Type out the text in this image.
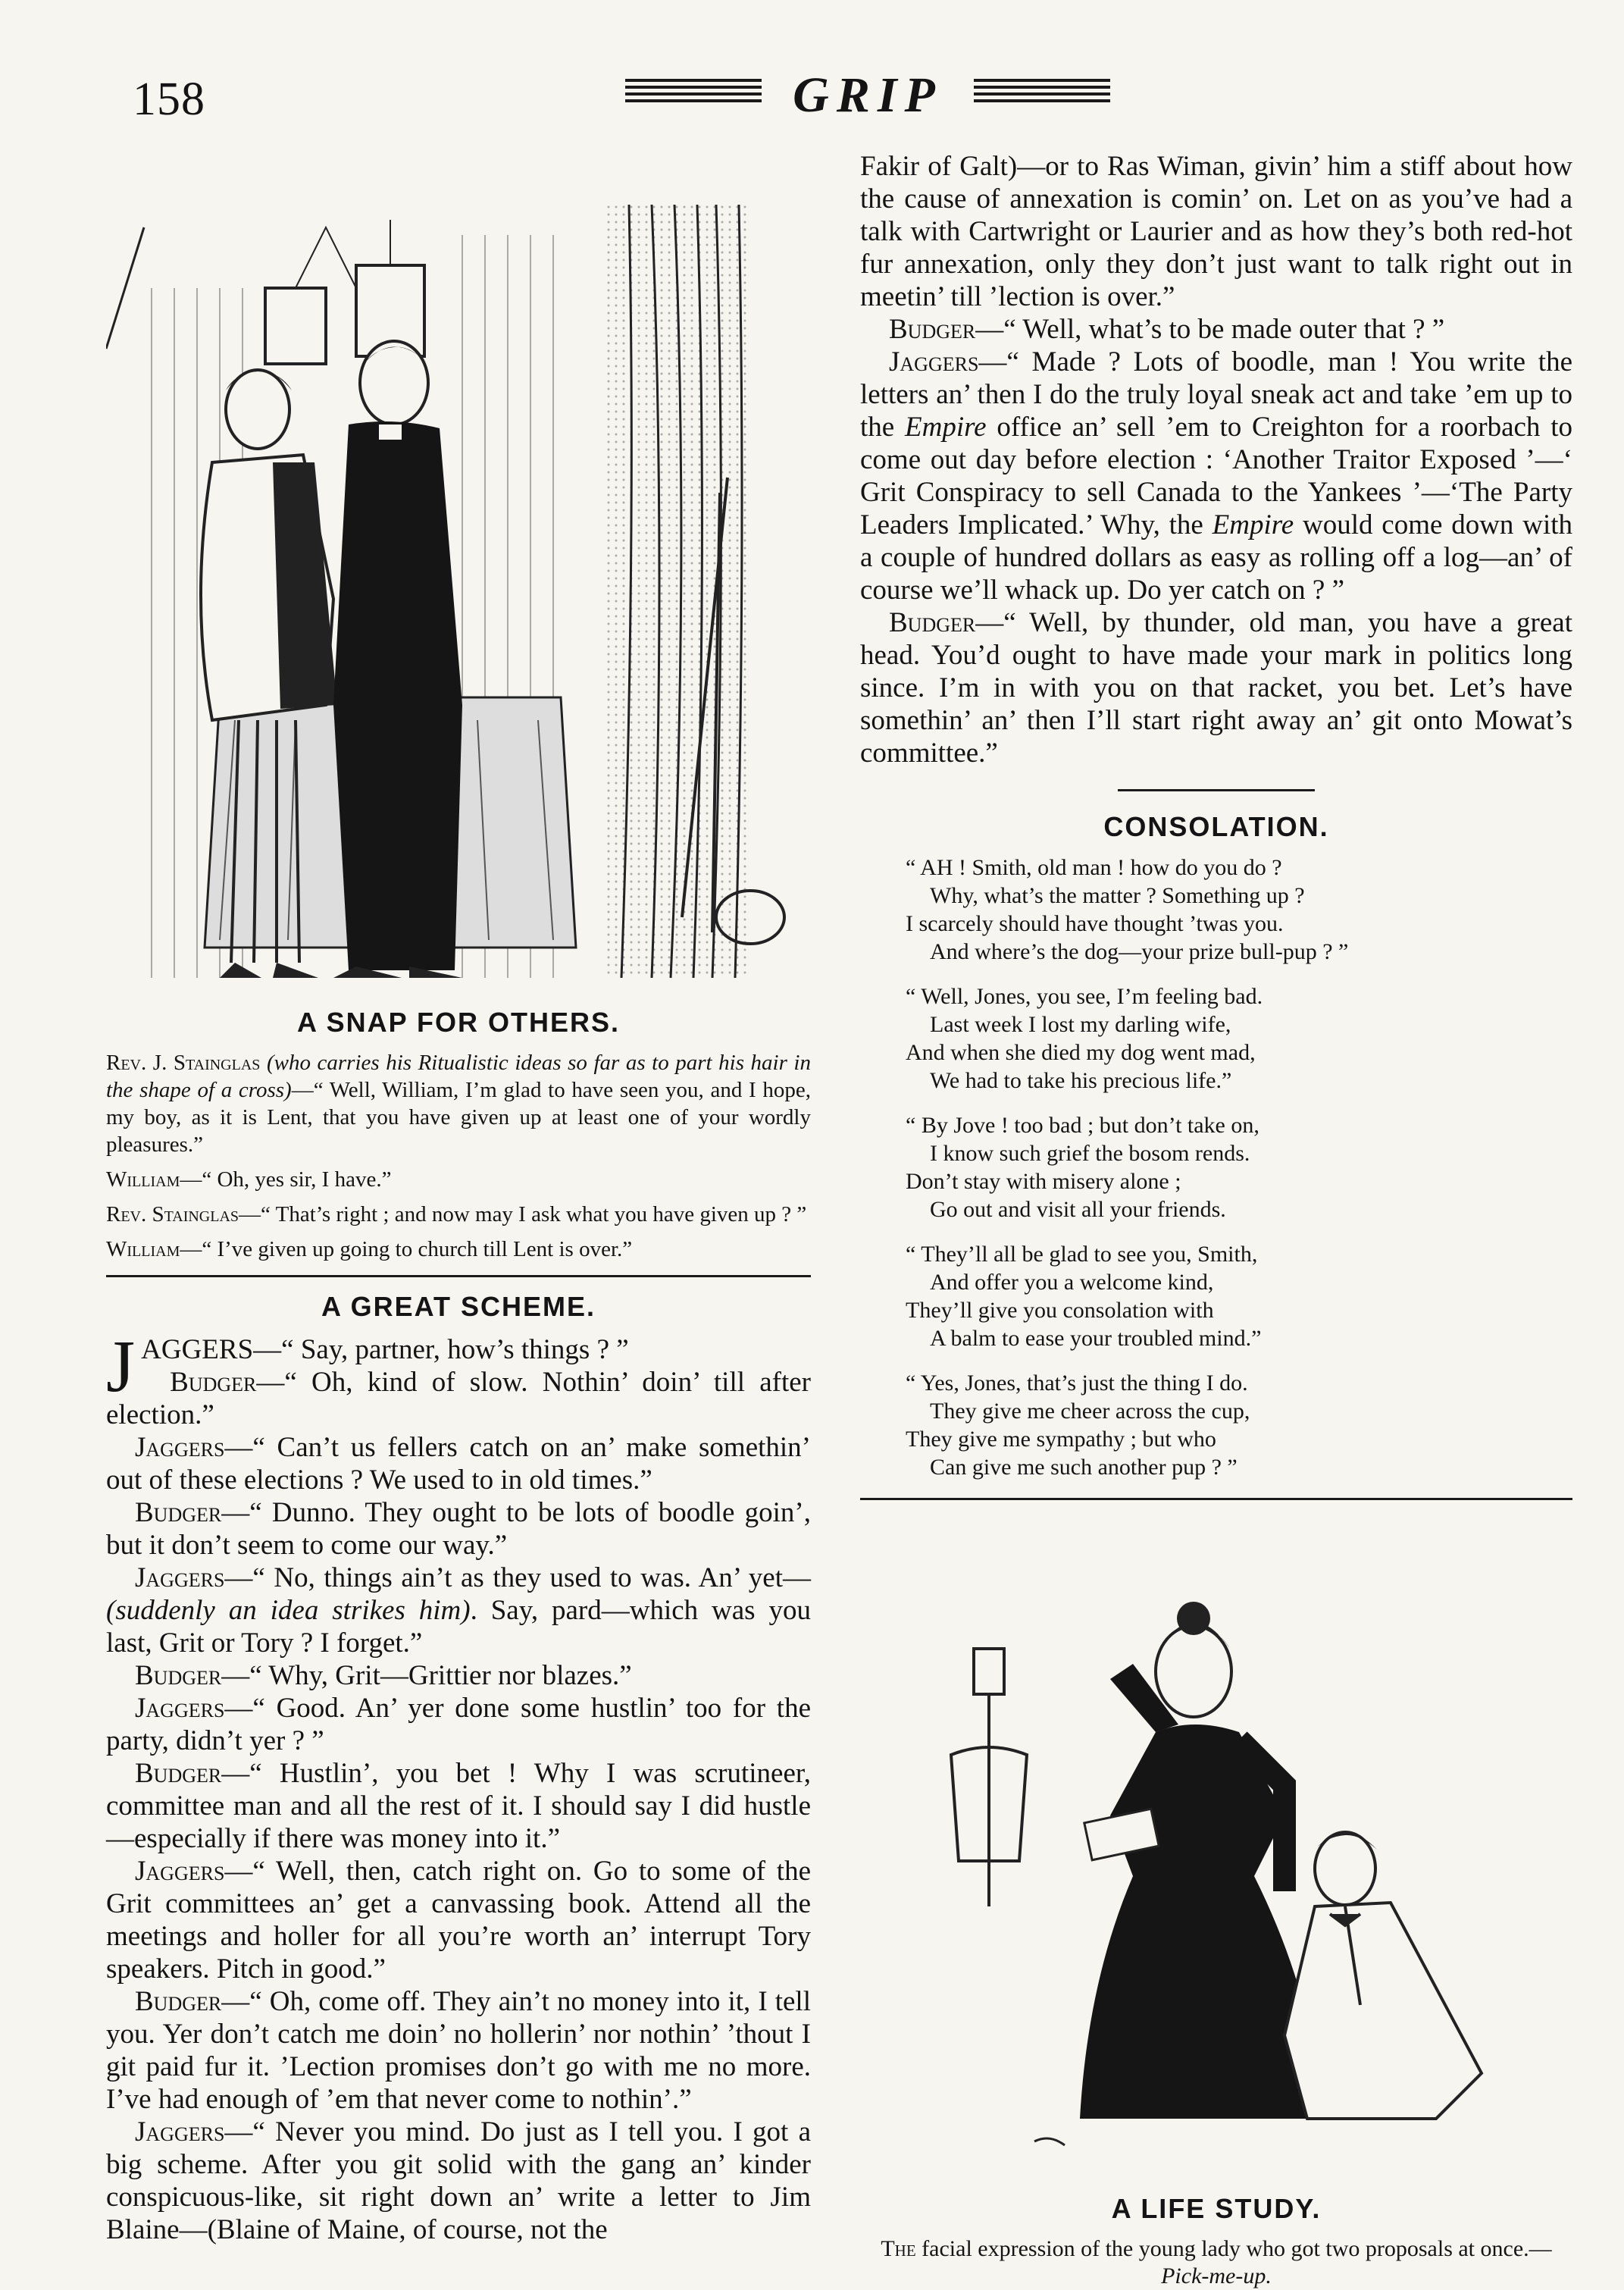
158	GRIP
A SNAP FOR OTHERS.

Rev. J. Stainglas (who carries his Ritualistic ideas so far as to part his hair in the shape of a cross)—“ Well, William, I’m glad to have seen you, and I hope, my boy, as it is Lent, that you have given up at least one of your wordly pleasures.”

William—“ Oh, yes sir, I have.”

Rev. Stainglas—“ That’s right ; and now may I ask what you have given up ? ”

William—“ I’ve given up going to church till Lent is over.”

A GREAT SCHEME.

JAGGERS—“ Say, partner, how’s things ? ”

Budger—“ Oh, kind of slow. Nothin’ doin’ till after election.”

Jaggers—“ Can’t us fellers catch on an’ make somethin’ out of these elections ? We used to in old times.”

Budger—“ Dunno. They ought to be lots of boodle goin’, but it don’t seem to come our way.”

Jaggers—“ No, things ain’t as they used to was. An’ yet—(suddenly an idea strikes him). Say, pard—which was you last, Grit or Tory ? I forget.”

Budger—“ Why, Grit—Grittier nor blazes.”

Jaggers—“ Good. An’ yer done some hustlin’ too for the party, didn’t yer ? ”

Budger—“ Hustlin’, you bet ! Why I was scrutineer, committee man and all the rest of it. I should say I did hustle—especially if there was money into it.”

Jaggers—“ Well, then, catch right on. Go to some of the Grit committees an’ get a canvassing book. Attend all the meetings and holler for all you’re worth an’ interrupt Tory speakers. Pitch in good.”

Budger—“ Oh, come off. They ain’t no money into it, I tell you. Yer don’t catch me doin’ no hollerin’ nor nothin’ ’thout I git paid fur it. ’Lection promises don’t go with me no more. I’ve had enough of ’em that never come to nothin’.”

Jaggers—“ Never you mind. Do just as I tell you. I got a big scheme. After you git solid with the gang an’ kinder conspicuous-like, sit right down an’ write a letter to Jim Blaine—(Blaine of Maine, of course, not the

Fakir of Galt)—or to Ras Wiman, givin’ him a stiff about how the cause of annexation is comin’ on. Let on as you’ve had a talk with Cartwright or Laurier and as how they’s both red-hot fur annexation, only they don’t just want to talk right out in meetin’ till ’lection is over.”

Budger—“ Well, what’s to be made outer that ? ”

Jaggers—“ Made ? Lots of boodle, man ! You write the letters an’ then I do the truly loyal sneak act and take ’em up to the Empire office an’ sell ’em to Creighton for a roorbach to come out day before election : ‘Another Traitor Exposed ’—‘ Grit Conspiracy to sell Canada to the Yankees ’—‘The Party Leaders Implicated.’ Why, the Empire would come down with a couple of hundred dollars as easy as rolling off a log—an’ of course we’ll whack up. Do yer catch on ? ”

Budger—“ Well, by thunder, old man, you have a great head. You’d ought to have made your mark in politics long since. I’m in with you on that racket, you bet. Let’s have somethin’ an’ then I’ll start right away an’ git onto Mowat’s committee.”

CONSOLATION.
“ AH ! Smith, old man ! how do you do ?
Why, what’s the matter ? Something up ?
I scarcely should have thought ’twas you.
And where’s the dog—your prize bull-pup ? ”
“ Well, Jones, you see, I’m feeling bad.
Last week I lost my darling wife,
And when she died my dog went mad,
We had to take his precious life.”
“ By Jove ! too bad ; but don’t take on,
I know such grief the bosom rends.
Don’t stay with misery alone ;
Go out and visit all your friends.
“ They’ll all be glad to see you, Smith,
And offer you a welcome kind,
They’ll give you consolation with
A balm to ease your troubled mind.”
“ Yes, Jones, that’s just the thing I do.
They give me cheer across the cup,
They give me sympathy ; but who
Can give me such another pup ? ”
A LIFE STUDY.
The facial expression of the young lady who got two proposals at once.—Pick-me-up.
